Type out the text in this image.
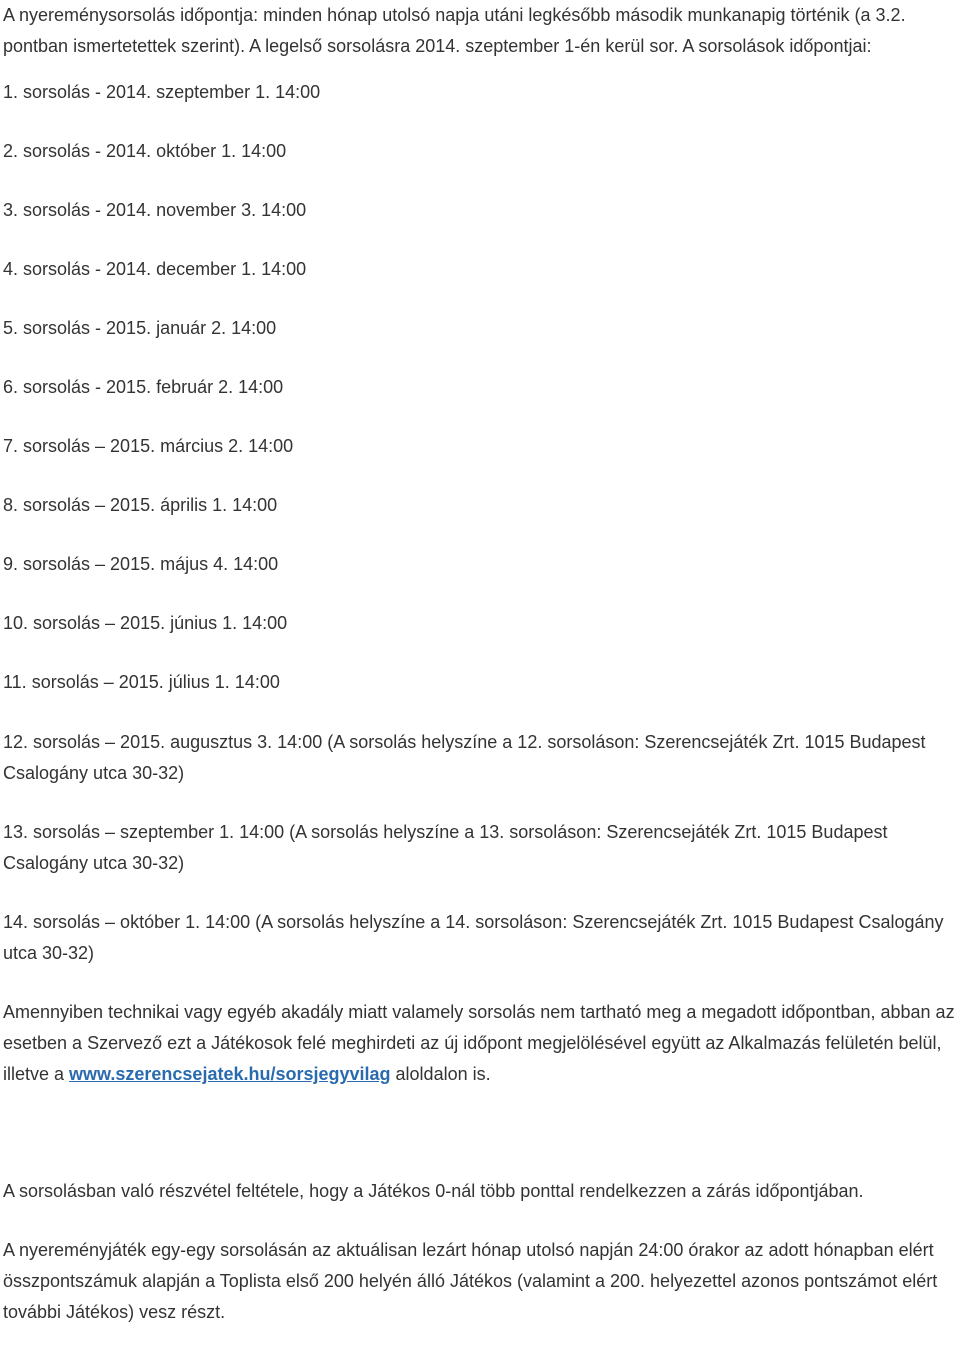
A nyereménysorsolás időpontja: minden hónap utolsó napja utáni legkésőbb második munkanapig történik (a 3.2. pontban ismertetettek szerint). A legelső sorsolásra 2014. szeptember 1-én kerül sor. A sorsolások időpontjai:

1. sorsolás - 2014. szeptember 1. 14:00
2. sorsolás - 2014. október 1. 14:00
3. sorsolás - 2014. november 3. 14:00
4. sorsolás - 2014. december 1. 14:00
5. sorsolás - 2015. január 2. 14:00
6. sorsolás - 2015. február 2. 14:00
7. sorsolás – 2015. március 2. 14:00
8. sorsolás – 2015. április 1. 14:00
9. sorsolás – 2015. május 4. 14:00
10. sorsolás – 2015. június 1. 14:00
11. sorsolás – 2015. július 1. 14:00
12. sorsolás – 2015. augusztus 3. 14:00 (A sorsolás helyszíne a 12. sorsoláson: Szerencsejáték Zrt. 1015 Budapest Csalogány utca 30-32)
13. sorsolás – szeptember 1. 14:00 (A sorsolás helyszíne a 13. sorsoláson: Szerencsejáték Zrt. 1015 Budapest Csalogány utca 30-32)
14. sorsolás – október 1. 14:00 (A sorsolás helyszíne a 14. sorsoláson: Szerencsejáték Zrt. 1015 Budapest Csalogány utca 30-32)

Amennyiben technikai vagy egyéb akadály miatt valamely sorsolás nem tartható meg a megadott időpontban, abban az esetben a Szervező ezt a Játékosok felé meghirdeti az új időpont megjelölésével együtt az Alkalmazás felületén belül, illetve a www.szerencsejatek.hu/sorsjegyvilag aloldalon is.

A sorsolásban való részvétel feltétele, hogy a Játékos 0-nál több ponttal rendelkezzen a zárás időpontjában.

A nyereményjáték egy-egy sorsolásán az aktuálisan lezárt hónap utolsó napján 24:00 órakor az adott hónapban elért összpontszámuk alapján a Toplista első 200 helyén álló Játékos (valamint a 200. helyezettel azonos pontszámot elért további Játékos) vesz részt.
